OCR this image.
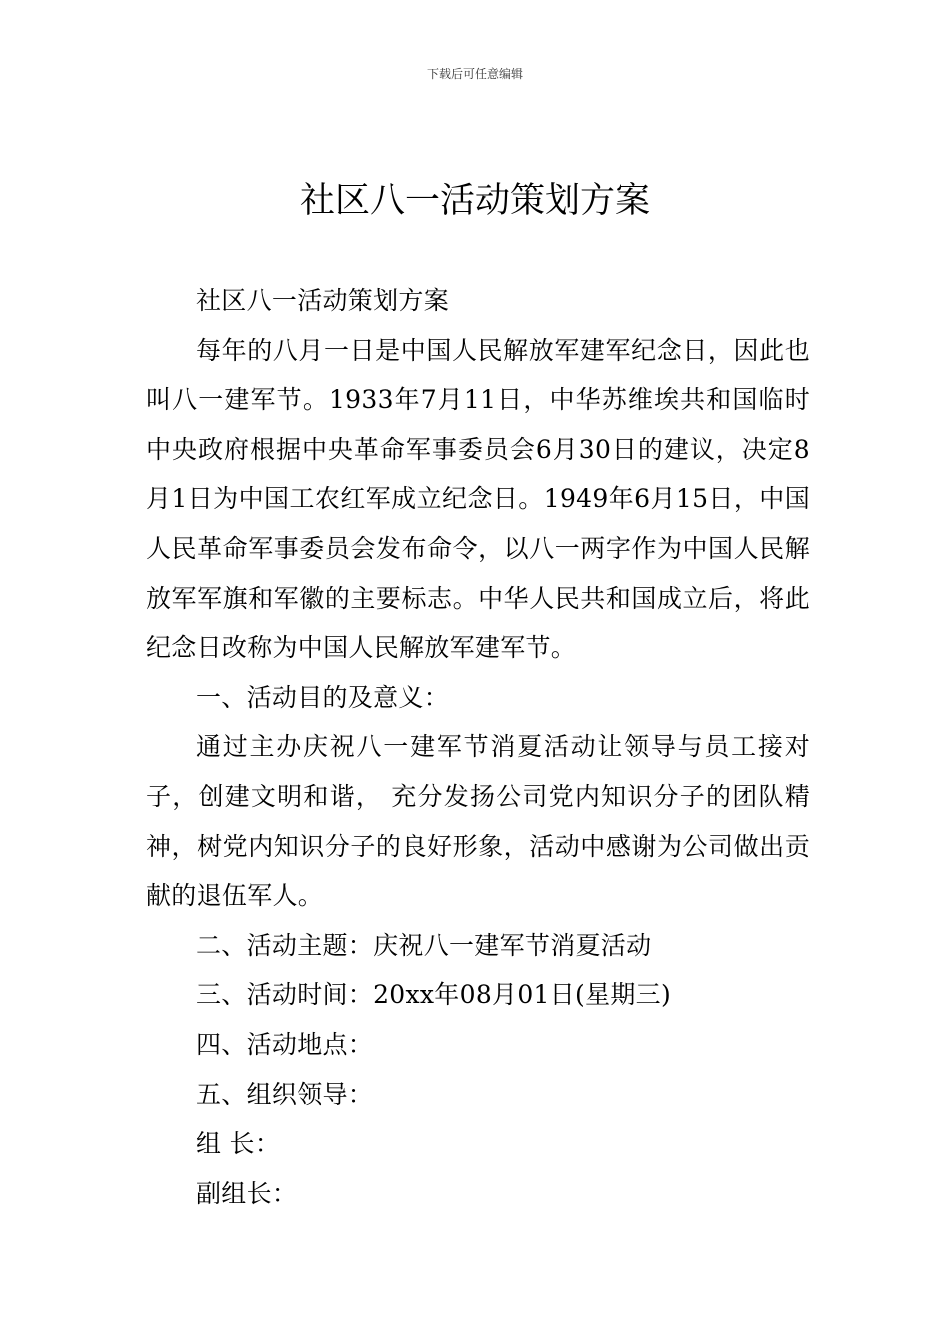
下载后可任意编辑
社区八一活动策划方案

社区八一活动策划方案

每年的八月一日是中国人民解放军建军纪念日，因此也叫八一建军节。1933年7月11日，中华苏维埃共和国临时中央政府根据中央革命军事委员会6月30日的建议，决定8月1日为中国工农红军成立纪念日。1949年6月15日，中国人民革命军事委员会发布命令，以八一两字作为中国人民解放军军旗和军徽的主要标志。中华人民共和国成立后，将此纪念日改称为中国人民解放军建军节。

一、活动目的及意义：

通过主办庆祝八一建军节消夏活动让领导与员工接对子，创建文明和谐， 充分发扬公司党内知识分子的团队精神，树党内知识分子的良好形象，活动中感谢为公司做出贡献的退伍军人。

二、活动主题：庆祝八一建军节消夏活动

三、活动时间：20xx年08月01日(星期三)

四、活动地点：

五、组织领导：

组 长：

副组长：
